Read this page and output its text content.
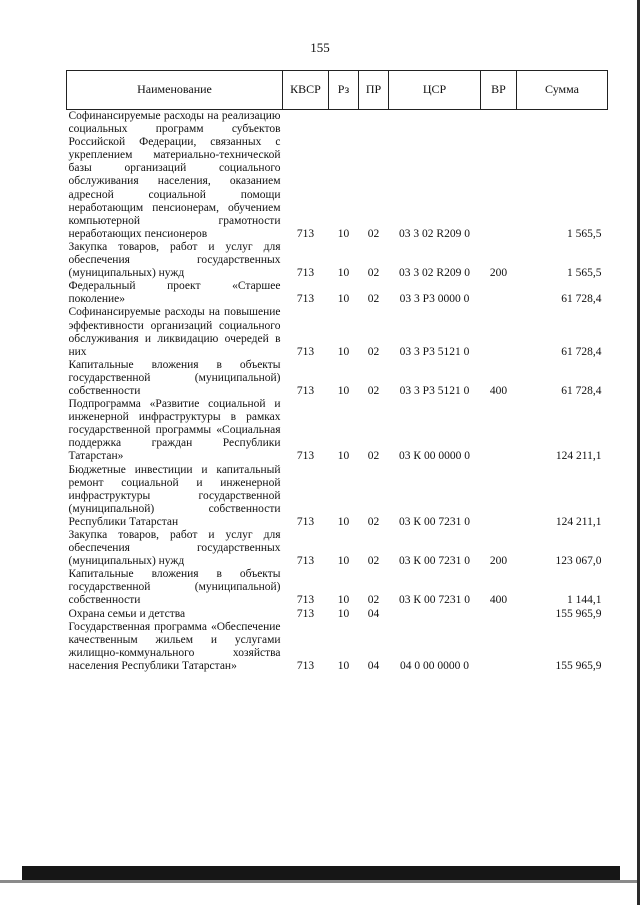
155
Наименование	КВСР	Рз	ПР	ЦСР	ВР	Сумма
Софинансируемые расходы на реализацию социальных программ субъектов Российской Федерации, связанных с укреплением материально-технической базы организаций социального обслуживания населения, оказанием адресной социальной помощи неработающим пенсионерам, обучением компьютерной грамотности неработающих пенсионеров	713	10	02	03 3 02 R209 0		1 565,5
Закупка товаров, работ и услуг для обеспечения государственных (муниципальных) нужд	713	10	02	03 3 02 R209 0	200	1 565,5
Федеральный проект «Старшее поколение»	713	10	02	03 3 P3 0000 0		61 728,4
Софинансируемые расходы на повышение эффективности организаций социального обслуживания и ликвидацию очередей в них	713	10	02	03 3 P3 5121 0		61 728,4
Капитальные вложения в объекты государственной (муниципальной) собственности	713	10	02	03 3 P3 5121 0	400	61 728,4
Подпрограмма «Развитие социальной и инженерной инфраструктуры в рамках государственной программы «Социальная поддержка граждан Республики Татарстан»	713	10	02	03 К 00 0000 0		124 211,1
Бюджетные инвестиции и капитальный ремонт социальной и инженерной инфраструктуры государственной (муниципальной) собственности Республики Татарстан	713	10	02	03 К 00 7231 0		124 211,1
Закупка товаров, работ и услуг для обеспечения государственных (муниципальных) нужд	713	10	02	03 К 00 7231 0	200	123 067,0
Капитальные вложения в объекты государственной (муниципальной) собственности	713	10	02	03 К 00 7231 0	400	1 144,1
Охрана семьи и детства	713	10	04			155 965,9
Государственная программа «Обеспечение качественным жильем и услугами жилищно-коммунального хозяйства населения Республики Татарстан»	713	10	04	04 0 00 0000 0		155 965,9
